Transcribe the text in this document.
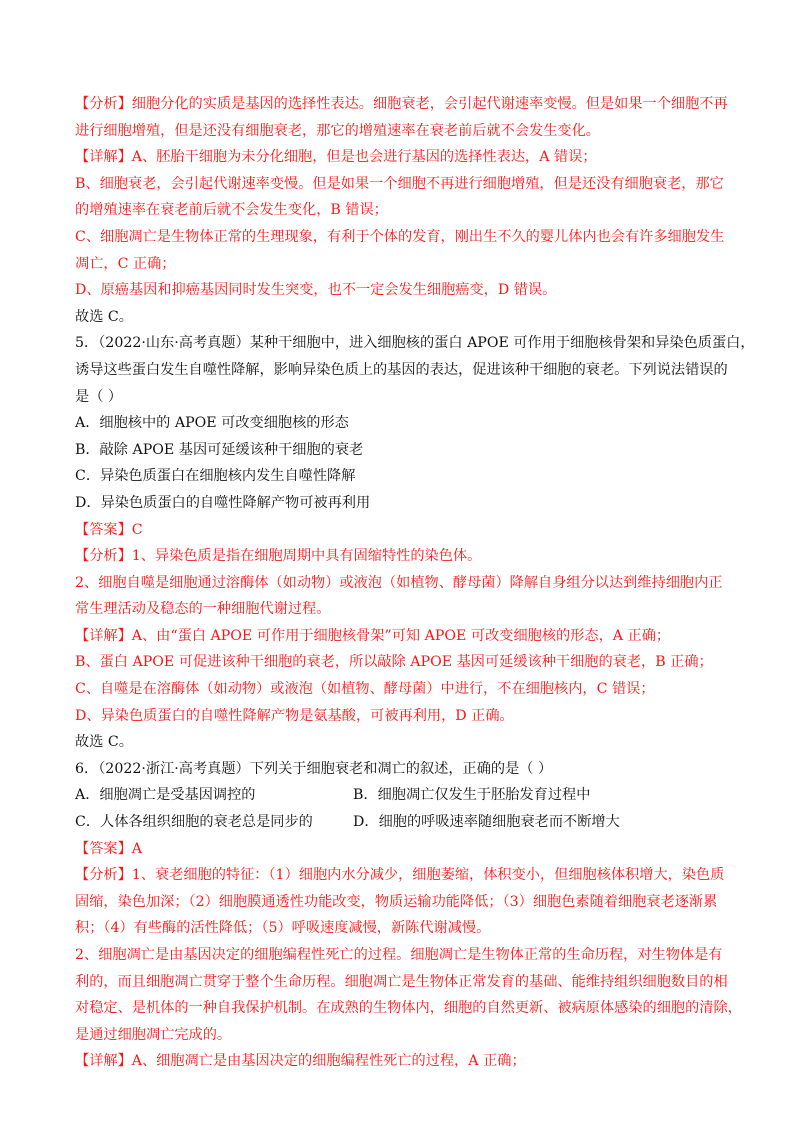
【分析】细胞分化的实质是基因的选择性表达。细胞衰老，会引起代谢速率变慢。但是如果一个细胞不再
进行细胞增殖，但是还没有细胞衰老，那它的增殖速率在衰老前后就不会发生变化。
【详解】A、胚胎干细胞为未分化细胞，但是也会进行基因的选择性表达，A 错误；
B、细胞衰老，会引起代谢速率变慢。但是如果一个细胞不再进行细胞增殖，但是还没有细胞衰老，那它
的增殖速率在衰老前后就不会发生变化，B 错误；
C、细胞凋亡是生物体正常的生理现象，有利于个体的发育，刚出生不久的婴儿体内也会有许多细胞发生
凋亡，C 正确；
D、原癌基因和抑癌基因同时发生突变，也不一定会发生细胞癌变，D 错误。
故选 C。
5．（2022·山东·高考真题）某种干细胞中，进入细胞核的蛋白 APOE 可作用于细胞核骨架和异染色质蛋白，
诱导这些蛋白发生自噬性降解，影响异染色质上的基因的表达，促进该种干细胞的衰老。下列说法错误的
是（ ）
A．细胞核中的 APOE 可改变细胞核的形态
B．敲除 APOE 基因可延缓该种干细胞的衰老
C．异染色质蛋白在细胞核内发生自噬性降解
D．异染色质蛋白的自噬性降解产物可被再利用
【答案】C
【分析】1、异染色质是指在细胞周期中具有固缩特性的染色体。
2、细胞自噬是细胞通过溶酶体（如动物）或液泡（如植物、酵母菌）降解自身组分以达到维持细胞内正
常生理活动及稳态的一种细胞代谢过程。
【详解】A、由“蛋白 APOE 可作用于细胞核骨架”可知 APOE 可改变细胞核的形态，A 正确；
B、蛋白 APOE 可促进该种干细胞的衰老，所以敲除 APOE 基因可延缓该种干细胞的衰老，B 正确；
C、自噬是在溶酶体（如动物）或液泡（如植物、酵母菌）中进行，不在细胞核内，C 错误；
D、异染色质蛋白的自噬性降解产物是氨基酸，可被再利用，D 正确。
故选 C。
6．（2022·浙江·高考真题）下列关于细胞衰老和凋亡的叙述，正确的是（ ）
A．细胞凋亡是受基因调控的	B．细胞凋亡仅发生于胚胎发育过程中
C．人体各组织细胞的衰老总是同步的	D．细胞的呼吸速率随细胞衰老而不断增大
【答案】A
【分析】1、衰老细胞的特征：（1）细胞内水分减少，细胞萎缩，体积变小，但细胞核体积增大，染色质
固缩，染色加深；（2）细胞膜通透性功能改变，物质运输功能降低；（3）细胞色素随着细胞衰老逐渐累
积；（4）有些酶的活性降低；（5）呼吸速度减慢，新陈代谢减慢。
2、细胞凋亡是由基因决定的细胞编程性死亡的过程。细胞凋亡是生物体正常的生命历程，对生物体是有
利的，而且细胞凋亡贯穿于整个生命历程。细胞凋亡是生物体正常发育的基础、能维持组织细胞数目的相
对稳定、是机体的一种自我保护机制。在成熟的生物体内，细胞的自然更新、被病原体感染的细胞的清除，
是通过细胞凋亡完成的。
【详解】A、细胞凋亡是由基因决定的细胞编程性死亡的过程，A 正确；
